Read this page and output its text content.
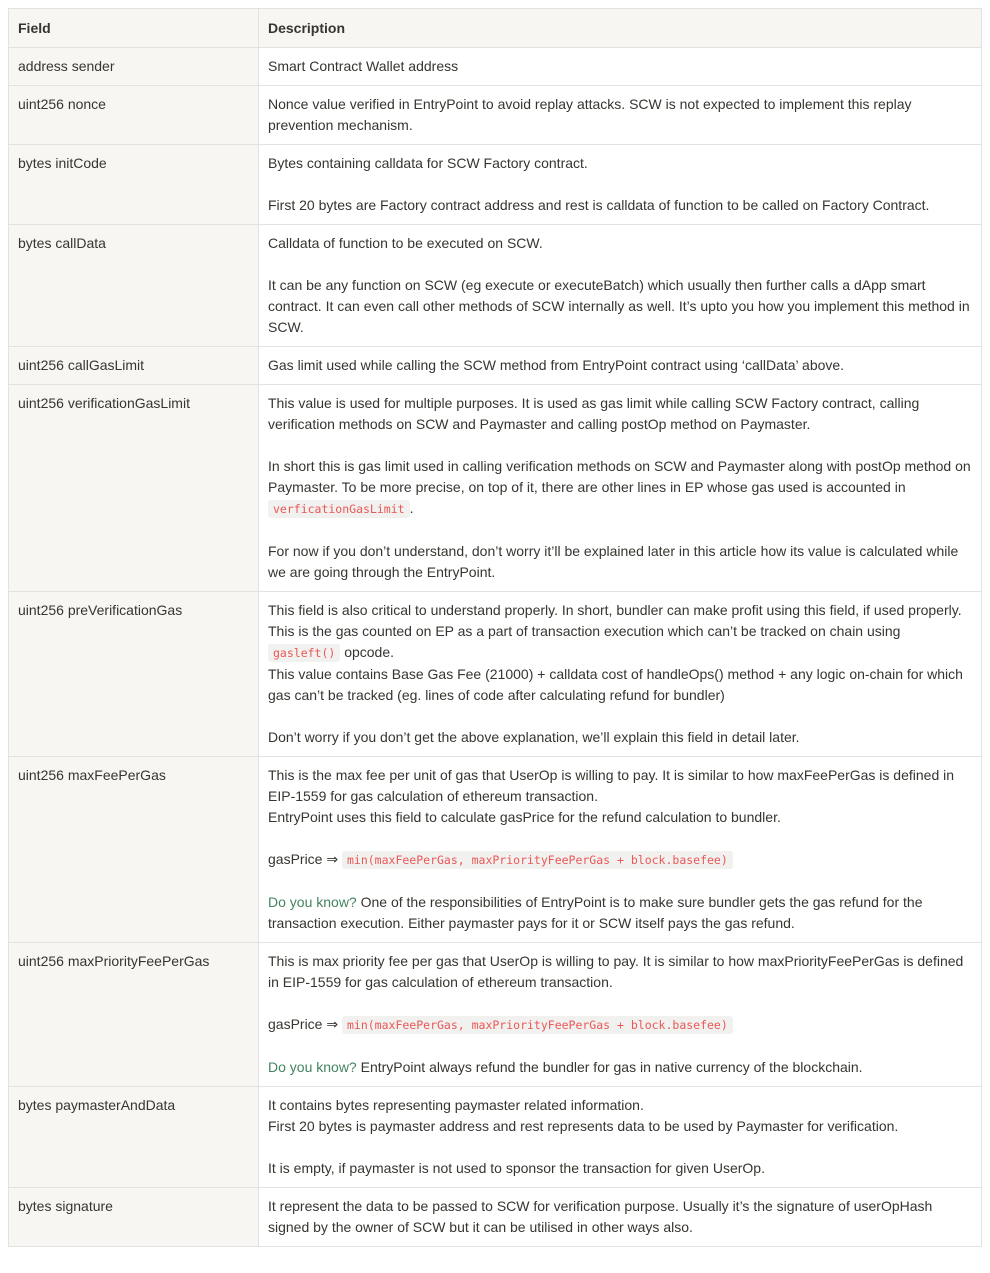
Field	Description
address sender	Smart Contract Wallet address

uint256 nonce	Nonce value verified in EntryPoint to avoid replay attacks. SCW is not expected to implement this replay prevention mechanism.

bytes initCode	Bytes containing calldata for SCW Factory contract.

First 20 bytes are Factory contract address and rest is calldata of function to be called on Factory Contract.

bytes callData	Calldata of function to be executed on SCW.

It can be any function on SCW (eg execute or executeBatch) which usually then further calls a dApp smart contract. It can even call other methods of SCW internally as well. It’s upto you how you implement this method in SCW.

uint256 callGasLimit	Gas limit used while calling the SCW method from EntryPoint contract using ‘callData’ above.

uint256 verificationGasLimit	This value is used for multiple purposes. It is used as gas limit while calling SCW Factory contract, calling verification methods on SCW and Paymaster and calling postOp method on Paymaster.

In short this is gas limit used in calling verification methods on SCW and Paymaster along with postOp method on Paymaster. To be more precise, on top of it, there are other lines in EP whose gas used is accounted in verficationGasLimit .

For now if you don’t understand, don’t worry it’ll be explained later in this article how its value is calculated while we are going through the EntryPoint.

uint256 preVerificationGas	This field is also critical to understand properly. In short, bundler can make profit using this field, if used properly.

This is the gas counted on EP as a part of transaction execution which can’t be tracked on chain using gasleft() opcode.

This value contains Base Gas Fee (21000) + calldata cost of handleOps() method + any logic on-chain for which gas can’t be tracked (eg. lines of code after calculating refund for bundler)

Don’t worry if you don’t get the above explanation, we’ll explain this field in detail later.

uint256 maxFeePerGas	This is the max fee per unit of gas that UserOp is willing to pay. It is similar to how maxFeePerGas is defined in EIP-1559 for gas calculation of ethereum transaction.

EntryPoint uses this field to calculate gasPrice for the refund calculation to bundler.

gasPrice ⇒ min(maxFeePerGas, maxPriorityFeePerGas + block.basefee)

Do you know? One of the responsibilities of EntryPoint is to make sure bundler gets the gas refund for the transaction execution. Either paymaster pays for it or SCW itself pays the gas refund.

uint256 maxPriorityFeePerGas	This is max priority fee per gas that UserOp is willing to pay. It is similar to how maxPriorityFeePerGas is defined in EIP-1559 for gas calculation of ethereum transaction.

gasPrice ⇒ min(maxFeePerGas, maxPriorityFeePerGas + block.basefee)

Do you know? EntryPoint always refund the bundler for gas in native currency of the blockchain.

bytes paymasterAndData	It contains bytes representing paymaster related information.

First 20 bytes is paymaster address and rest represents data to be used by Paymaster for verification.

It is empty, if paymaster is not used to sponsor the transaction for given UserOp.

bytes signature	It represent the data to be passed to SCW for verification purpose. Usually it’s the signature of userOpHash signed by the owner of SCW but it can be utilised in other ways also.
